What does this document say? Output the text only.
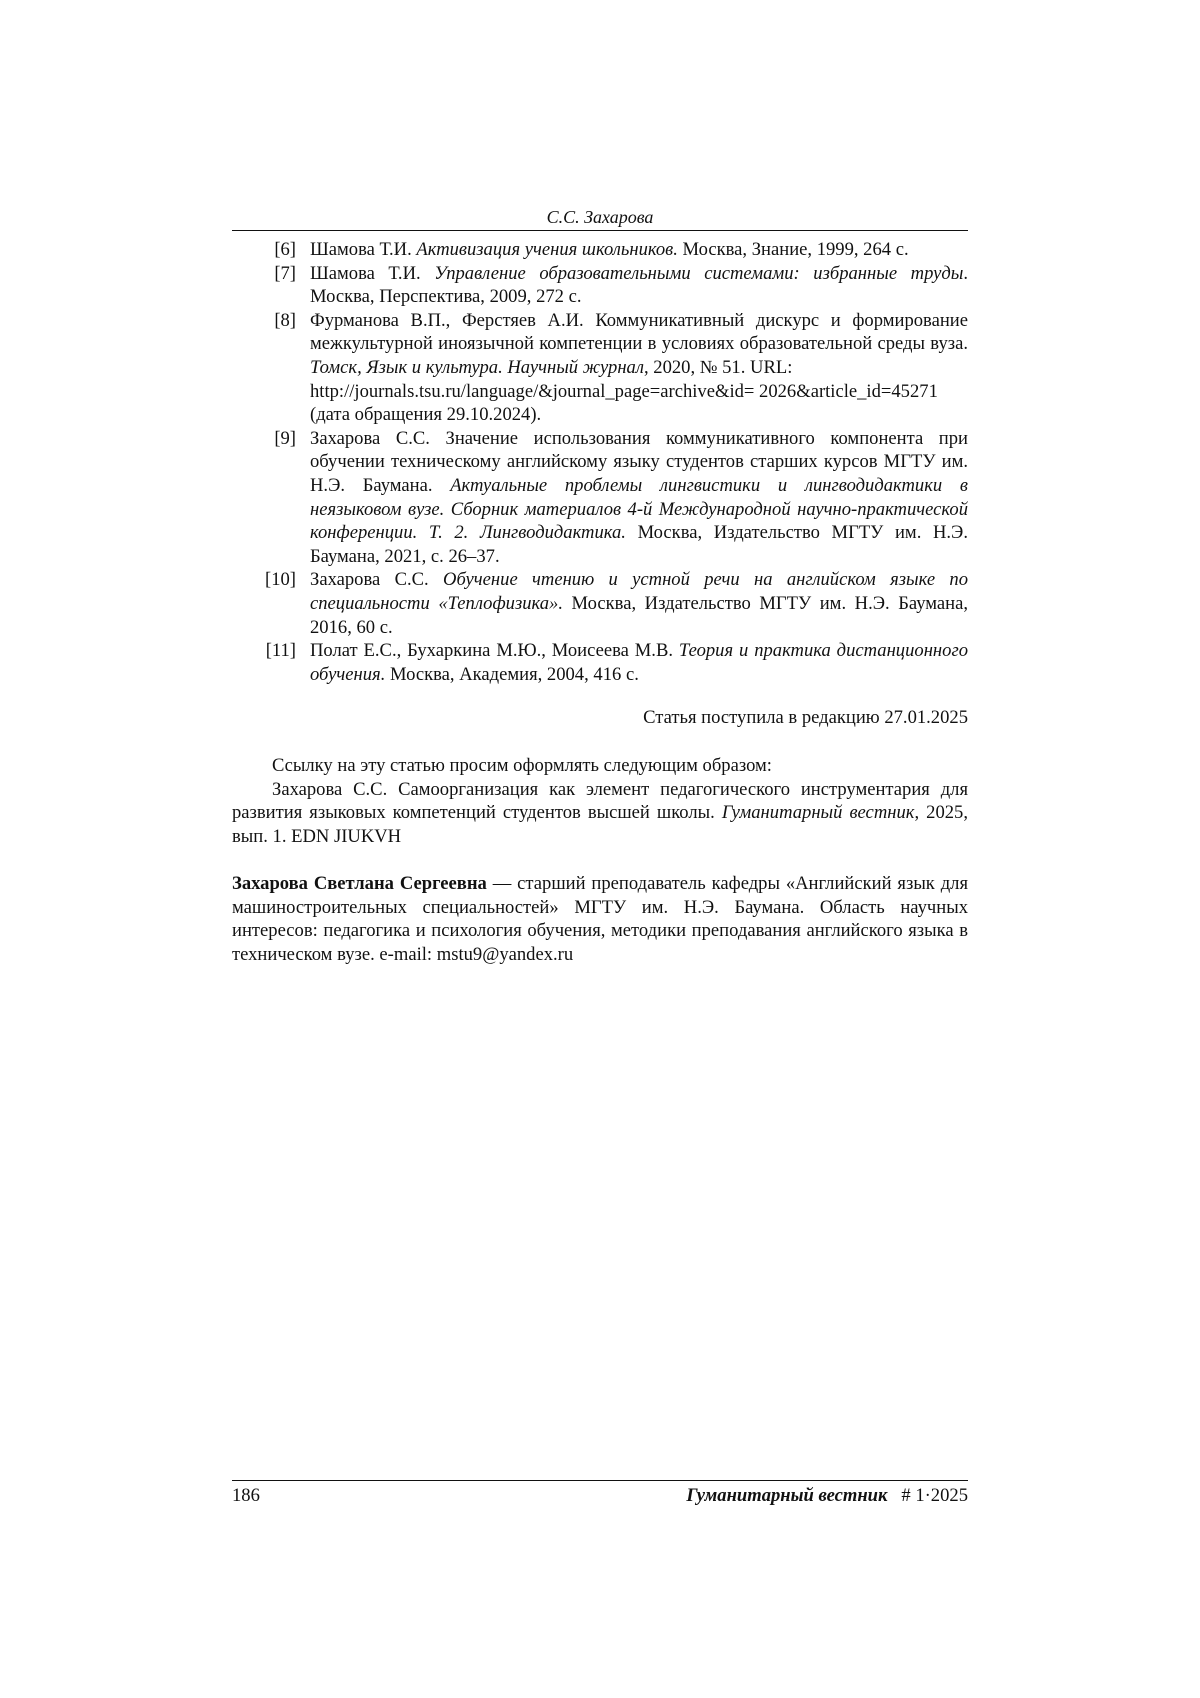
С.С. Захарова
[6] Шамова Т.И. Активизация учения школьников. Москва, Знание, 1999, 264 с.
[7] Шамова Т.И. Управление образовательными системами: избранные труды. Москва, Перспектива, 2009, 272 с.
[8] Фурманова В.П., Ферстяев А.И. Коммуникативный дискурс и формирование межкультурной иноязычной компетенции в условиях образовательной среды вуза. Томск, Язык и культура. Научный журнал, 2020, № 51. URL:
http://journals.tsu.ru/language/&journal_page=archive&id= 2026&article_id=45271 (дата обращения 29.10.2024).
[9] Захарова С.С. Значение использования коммуникативного компонента при обучении техническому английскому языку студентов старших курсов МГТУ им. Н.Э. Баумана. Актуальные проблемы лингвистики и лингводидактики в неязыковом вузе. Сборник материалов 4-й Международной научно-практической конференции. Т. 2. Лингводидактика. Москва, Издательство МГТУ им. Н.Э. Баумана, 2021, с. 26–37.
[10] Захарова С.С. Обучение чтению и устной речи на английском языке по специальности «Теплофизика». Москва, Издательство МГТУ им. Н.Э. Баумана, 2016, 60 с.
[11] Полат Е.С., Бухаркина М.Ю., Моисеева М.В. Теория и практика дистанционного обучения. Москва, Академия, 2004, 416 с.
Статья поступила в редакцию 27.01.2025

Ссылку на эту статью просим оформлять следующим образом:

Захарова С.С. Самоорганизация как элемент педагогического инструментария для развития языковых компетенций студентов высшей школы. Гуманитарный вестник, 2025, вып. 1. EDN JIUKVH

Захарова Светлана Сергеевна — старший преподаватель кафедры «Английский язык для машиностроительных специальностей» МГТУ им. Н.Э. Баумана. Область научных интересов: педагогика и психология обучения, методики преподавания английского языка в техническом вузе. e-mail: mstu9@yandex.ru
186	Гуманитарный вестник # 1·2025
